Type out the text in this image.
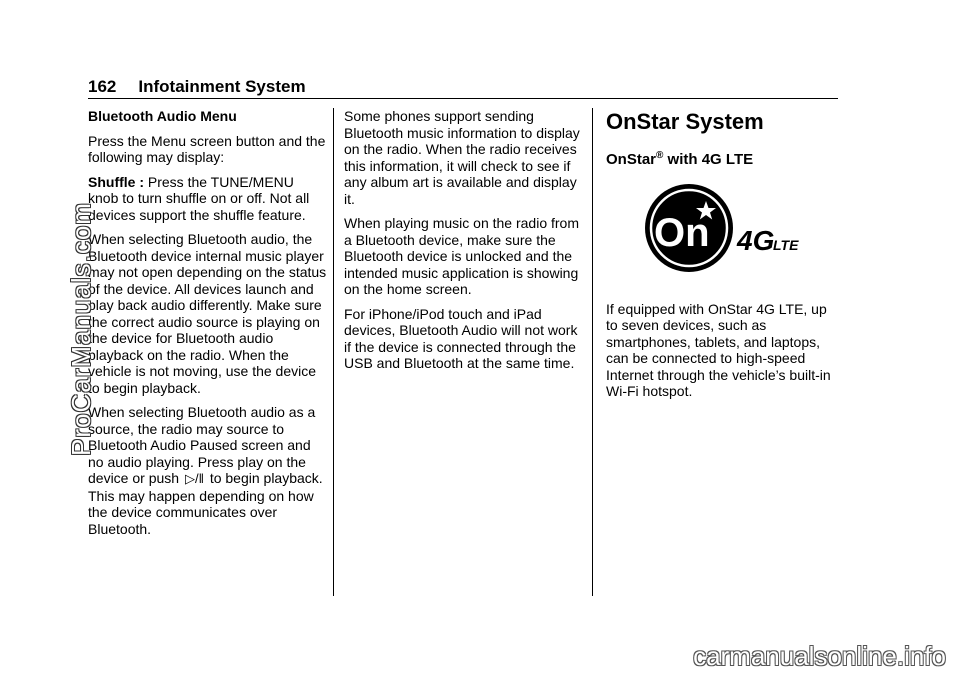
162 Infotainment System
Bluetooth Audio Menu

Press the Menu screen button and the following may display:

Shuffle : Press the TUNE/MENU knob to turn shuffle on or off. Not all devices support the shuffle feature.

When selecting Bluetooth audio, the Bluetooth device internal music player may not open depending on the status of the device. All devices launch and play back audio differently. Make sure the correct audio source is playing on the device for Bluetooth audio playback on the radio. When the vehicle is not moving, use the device to begin playback.

When selecting Bluetooth audio as a source, the radio may source to Bluetooth Audio Paused screen and no audio playing. Press play on the device or push ▷/‖ to begin playback. This may happen depending on how the device communicates over Bluetooth.

Some phones support sending Bluetooth music information to display on the radio. When the radio receives this information, it will check to see if any album art is available and display it.

When playing music on the radio from a Bluetooth device, make sure the Bluetooth device is unlocked and the intended music application is showing on the home screen.

For iPhone/iPod touch and iPad devices, Bluetooth Audio will not work if the device is connected through the USB and Bluetooth at the same time.

OnStar System
OnStar® with 4G LTE
On 4G
LTE

If equipped with OnStar 4G LTE, up to seven devices, such as smartphones, tablets, and laptops, can be connected to high-speed Internet through the vehicle’s built-in Wi-Fi hotspot.

ProCarManuals.com
carmanualsonline.info
